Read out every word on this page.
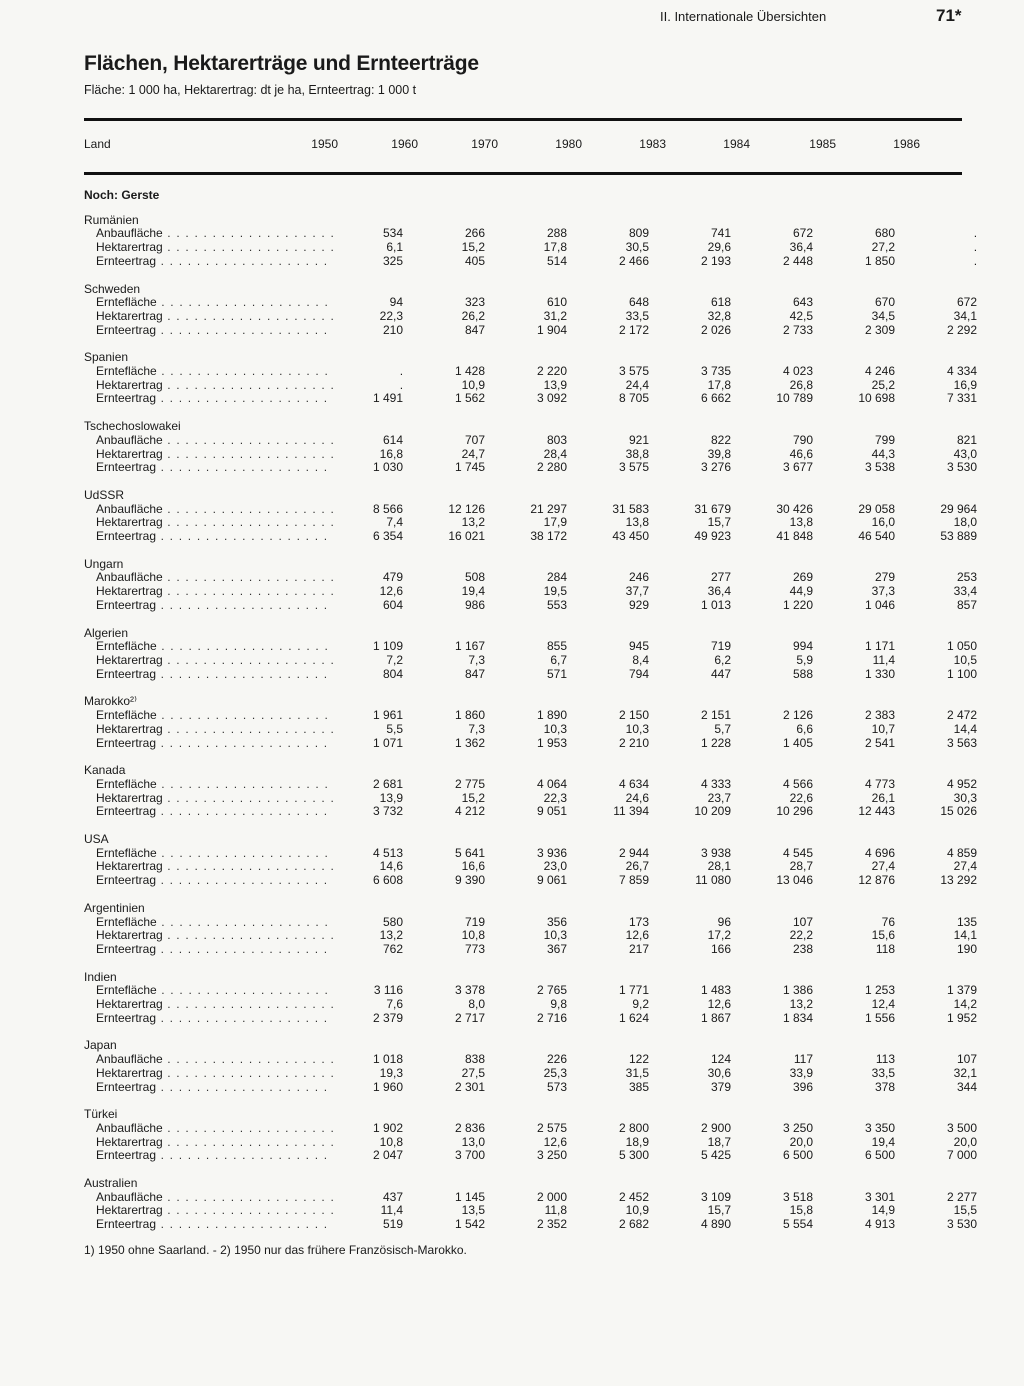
II. Internationale Übersichten	71*
Flächen, Hektarerträge und Ernteerträge
Fläche: 1 000 ha, Hektarertrag: dt je ha, Ernteertrag: 1 000 t
Land	1950	1960	1970	1980	1983	1984	1985	1986
Noch: Gerste								
Rumänien								
Anbaufläche . . . . . . . . . . . . . . . . . . .	534	266	288	809	741	672	680	.
Hektarertrag . . . . . . . . . . . . . . . . . . .	6,1	15,2	17,8	30,5	29,6	36,4	27,2	.
Ernteertrag . . . . . . . . . . . . . . . . . . .	325	405	514	2 466	2 193	2 448	1 850	.

Schweden								
Erntefläche . . . . . . . . . . . . . . . . . . .	94	323	610	648	618	643	670	672
Hektarertrag . . . . . . . . . . . . . . . . . . .	22,3	26,2	31,2	33,5	32,8	42,5	34,5	34,1
Ernteertrag . . . . . . . . . . . . . . . . . . .	210	847	1 904	2 172	2 026	2 733	2 309	2 292

Spanien								
Erntefläche . . . . . . . . . . . . . . . . . . .	.	1 428	2 220	3 575	3 735	4 023	4 246	4 334
Hektarertrag . . . . . . . . . . . . . . . . . . .	.	10,9	13,9	24,4	17,8	26,8	25,2	16,9
Ernteertrag . . . . . . . . . . . . . . . . . . .	1 491	1 562	3 092	8 705	6 662	10 789	10 698	7 331

Tschechoslowakei								
Anbaufläche . . . . . . . . . . . . . . . . . . .	614	707	803	921	822	790	799	821
Hektarertrag . . . . . . . . . . . . . . . . . . .	16,8	24,7	28,4	38,8	39,8	46,6	44,3	43,0
Ernteertrag . . . . . . . . . . . . . . . . . . .	1 030	1 745	2 280	3 575	3 276	3 677	3 538	3 530

UdSSR								
Anbaufläche . . . . . . . . . . . . . . . . . . .	8 566	12 126	21 297	31 583	31 679	30 426	29 058	29 964
Hektarertrag . . . . . . . . . . . . . . . . . . .	7,4	13,2	17,9	13,8	15,7	13,8	16,0	18,0
Ernteertrag . . . . . . . . . . . . . . . . . . .	6 354	16 021	38 172	43 450	49 923	41 848	46 540	53 889

Ungarn								
Anbaufläche . . . . . . . . . . . . . . . . . . .	479	508	284	246	277	269	279	253
Hektarertrag . . . . . . . . . . . . . . . . . . .	12,6	19,4	19,5	37,7	36,4	44,9	37,3	33,4
Ernteertrag . . . . . . . . . . . . . . . . . . .	604	986	553	929	1 013	1 220	1 046	857

Algerien								
Erntefläche . . . . . . . . . . . . . . . . . . .	1 109	1 167	855	945	719	994	1 171	1 050
Hektarertrag . . . . . . . . . . . . . . . . . . .	7,2	7,3	6,7	8,4	6,2	5,9	11,4	10,5
Ernteertrag . . . . . . . . . . . . . . . . . . .	804	847	571	794	447	588	1 330	1 100

Marokko²⁾								
Erntefläche . . . . . . . . . . . . . . . . . . .	1 961	1 860	1 890	2 150	2 151	2 126	2 383	2 472
Hektarertrag . . . . . . . . . . . . . . . . . . .	5,5	7,3	10,3	10,3	5,7	6,6	10,7	14,4
Ernteertrag . . . . . . . . . . . . . . . . . . .	1 071	1 362	1 953	2 210	1 228	1 405	2 541	3 563

Kanada								
Erntefläche . . . . . . . . . . . . . . . . . . .	2 681	2 775	4 064	4 634	4 333	4 566	4 773	4 952
Hektarertrag . . . . . . . . . . . . . . . . . . .	13,9	15,2	22,3	24,6	23,7	22,6	26,1	30,3
Ernteertrag . . . . . . . . . . . . . . . . . . .	3 732	4 212	9 051	11 394	10 209	10 296	12 443	15 026

USA								
Erntefläche . . . . . . . . . . . . . . . . . . .	4 513	5 641	3 936	2 944	3 938	4 545	4 696	4 859
Hektarertrag . . . . . . . . . . . . . . . . . . .	14,6	16,6	23,0	26,7	28,1	28,7	27,4	27,4
Ernteertrag . . . . . . . . . . . . . . . . . . .	6 608	9 390	9 061	7 859	11 080	13 046	12 876	13 292

Argentinien								
Erntefläche . . . . . . . . . . . . . . . . . . .	580	719	356	173	96	107	76	135
Hektarertrag . . . . . . . . . . . . . . . . . . .	13,2	10,8	10,3	12,6	17,2	22,2	15,6	14,1
Ernteertrag . . . . . . . . . . . . . . . . . . .	762	773	367	217	166	238	118	190

Indien								
Erntefläche . . . . . . . . . . . . . . . . . . .	3 116	3 378	2 765	1 771	1 483	1 386	1 253	1 379
Hektarertrag . . . . . . . . . . . . . . . . . . .	7,6	8,0	9,8	9,2	12,6	13,2	12,4	14,2
Ernteertrag . . . . . . . . . . . . . . . . . . .	2 379	2 717	2 716	1 624	1 867	1 834	1 556	1 952

Japan								
Anbaufläche . . . . . . . . . . . . . . . . . . .	1 018	838	226	122	124	117	113	107
Hektarertrag . . . . . . . . . . . . . . . . . . .	19,3	27,5	25,3	31,5	30,6	33,9	33,5	32,1
Ernteertrag . . . . . . . . . . . . . . . . . . .	1 960	2 301	573	385	379	396	378	344

Türkei								
Anbaufläche . . . . . . . . . . . . . . . . . . .	1 902	2 836	2 575	2 800	2 900	3 250	3 350	3 500
Hektarertrag . . . . . . . . . . . . . . . . . . .	10,8	13,0	12,6	18,9	18,7	20,0	19,4	20,0
Ernteertrag . . . . . . . . . . . . . . . . . . .	2 047	3 700	3 250	5 300	5 425	6 500	6 500	7 000

Australien								
Anbaufläche . . . . . . . . . . . . . . . . . . .	437	1 145	2 000	2 452	3 109	3 518	3 301	2 277
Hektarertrag . . . . . . . . . . . . . . . . . . .	11,4	13,5	11,8	10,9	15,7	15,8	14,9	15,5
Ernteertrag . . . . . . . . . . . . . . . . . . .	519	1 542	2 352	2 682	4 890	5 554	4 913	3 530
1) 1950 ohne Saarland. - 2) 1950 nur das frühere Französisch-Marokko.
